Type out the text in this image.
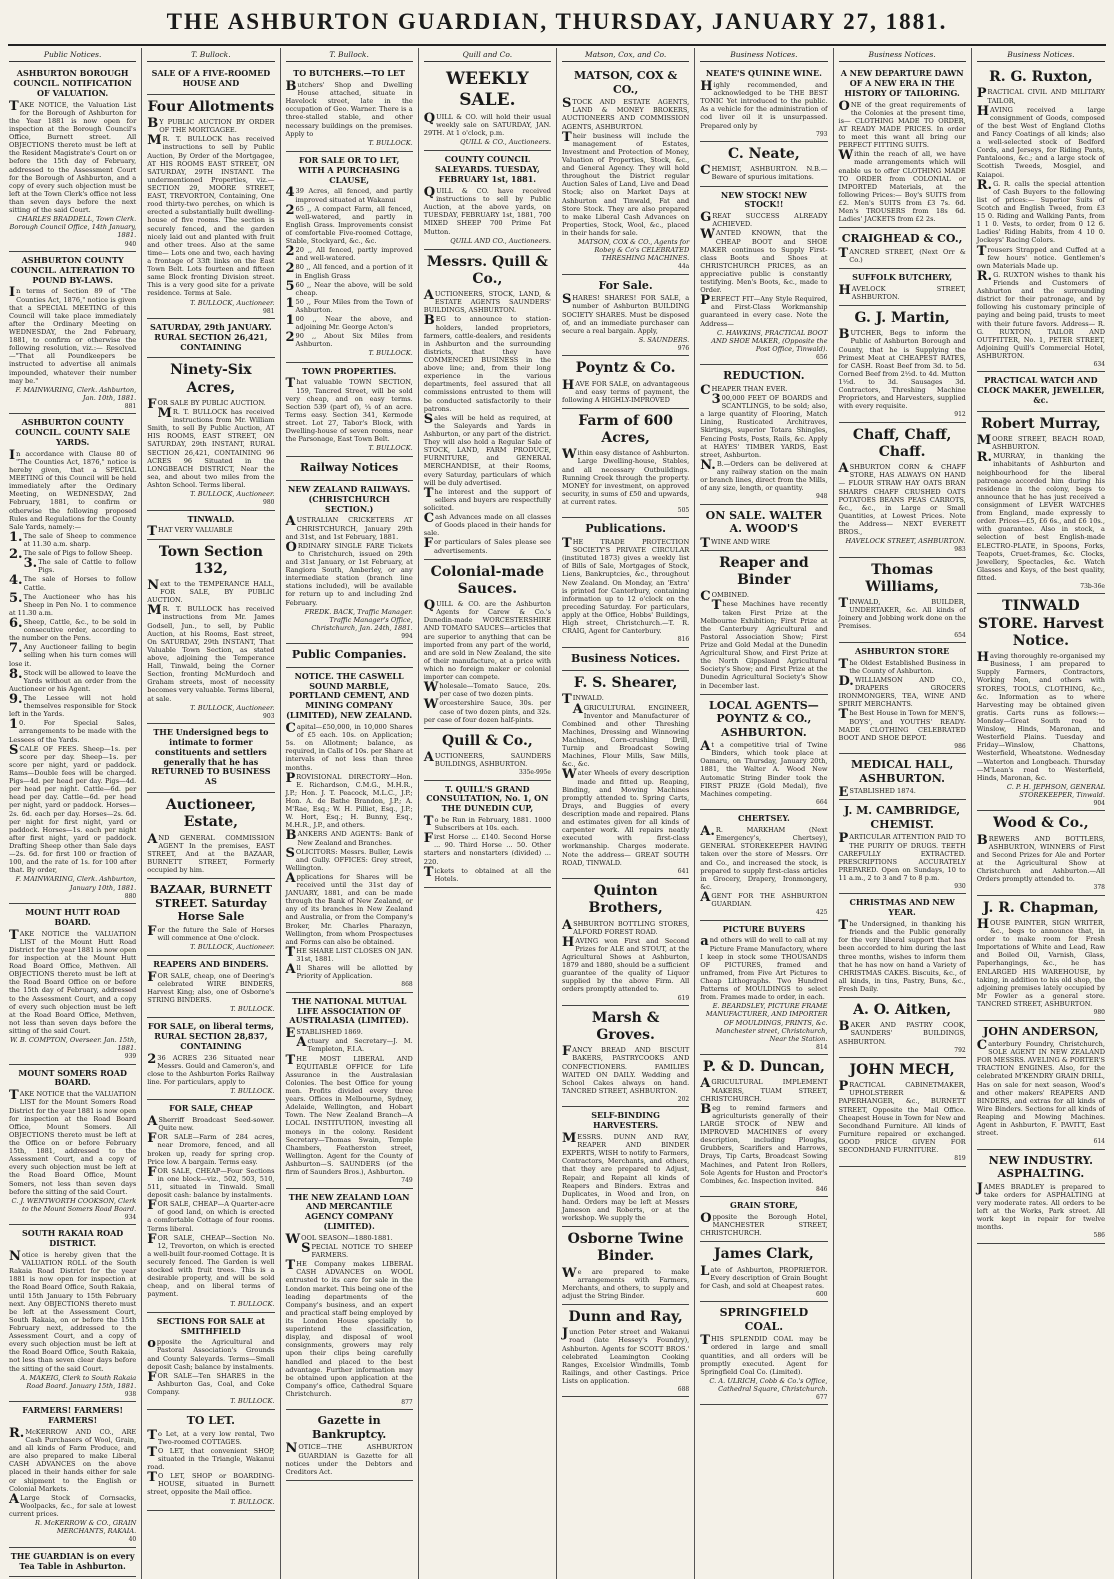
THE ASHBURTON GUARDIAN, THURSDAY, JANUARY 27, 1881.
Public Notices.
ASHBURTON BOROUGH COUNCIL. NOTIFICATION OF VALUATION.
TAKE NOTICE, the Valuation List for the Borough of Ashburton for the Year 1881 is now open for inspection at the Borough Council's Office, Burnett street. All OBJECTIONS thereto must be left at the Resident Magistrate's Court on or before the 15th day of February, addressed to the Assessment Court for the Borough of Ashburton, and a copy of every such objection must be left at the Town Clerk's office not less than seven days before the next sitting of the said Court.
CHARLES BRADDELL, Town Clerk. Borough Council Office, 14th January, 1881.
940
ASHBURTON COUNTY COUNCIL. ALTERATION TO POUND BY-LAWS.
In terms of Section 89 of "The Counties Act, 1876," notice is given that a SPECIAL MEETING of this Council will take place immediately after the Ordinary Meeting on WEDNESDAY, the 2nd February, 1881, to confirm or otherwise the following resolution, viz.:— Resolved—"That all Poundkeepers be instructed to advertise all animals impounded, whatever their number may be."
F. MAINWARING, Clerk. Ashburton, Jan. 10th, 1881.
881
ASHBURTON COUNTY COUNCIL. COUNTY SALE YARDS.
In accordance with Clause 80 of "The Counties Act, 1876," notice is hereby given, that a SPECIAL MEETING of this Council will be held immediately after the Ordinary Meeting, on WEDNESDAY, 2nd February, 1881, to confirm or otherwise the following proposed Rules and Regulations for the County Sale Yards, namely:—
1.The sale of Sheep to commence at 11.30 a.m. sharp.
2.The sale of Pigs to follow Sheep.
3.The sale of Cattle to follow Pigs.
4.The sale of Horses to follow Cattle.
5.The Auctioneer who has his Sheep in Pen No. 1 to commence at 11.30 a.m.
6.Sheep, Cattle, &c., to be sold in consecutive order, according to the number on the Pens.
7.Any Auctioneer failing to begin selling when his turn comes will lose it.
8.Stock will be allowed to leave the Yards without an order from the Auctioneer or his Agent.
9.The Lessee will not hold themselves responsible for Stock left in the Yards.
10. For Special Sales, arrangements to be made with the Lessees of the Yards.
SCALE OF FEES. Sheep—1s. per score per day. Sheep—1s. per score per night, yard or paddock. Rams—Double fees will be charged. Pigs—4d. per head per day. Pigs—4d. per head per night. Cattle—6d. per head per day. Cattle—6d. per head per night, yard or paddock. Horses—2s. 6d. each per day. Horses—2s. 6d. per night for first night, yard or paddock. Horses—1s. each per night after first night, yard or paddock. Drafting Sheep other than Sale days—2s. 6d. for first 100 or fraction of 100, and the rate of 1s. for 100 after that. By order,
F. MAINWARING, Clerk. Ashburton, January 10th, 1881.
880
MOUNT HUTT ROAD BOARD.
TAKE NOTICE the VALUATION LIST of the Mount Hutt Road District for the year 1881 is now open for inspection at the Mount Hutt Road Board Office, Methven. All OBJECTIONS thereto must be left at the Road Board Office on or before the 15th day of February, addressed to the Assessment Court, and a copy of every such objection must be left at the Road Board Office, Methven, not less than seven days before the sitting of the said Court.
W. B. COMPTON, Overseer. Jan. 15th, 1881.
939
MOUNT SOMERS ROAD BOARD.
TAKE NOTICE that the VALUATION LIST for the Mount Somers Road District for the year 1881 is now open for inspection at the Road Board Office, Mount Somers. All OBJECTIONS thereto must be left at the Office on or before February 15th, 1881, addressed to the Assessment Court, and a copy of every such objection must be left at the Road Board Office, Mount Somers, not less than seven days before the sitting of the said Court.
C. J. WENTWORTH COOKSON, Clerk to the Mount Somers Road Board.
934
SOUTH RAKAIA ROAD DISTRICT.
Notice is hereby given that the VALUATION ROLL of the South Rakaia Road District for the year 1881 is now open for inspection at the Road Board Office, South Rakaia, until 15th January to 15th February next. Any OBJECTIONS thereto must be left at the Assessment Court, South Rakaia, on or before the 15th February next, addressed to the Assessment Court, and a copy of every such objection must be left at the Road Board Office, South Rakaia, not less than seven clear days before the sitting of the said Court.
A. MAKEIG, Clerk to South Rakaia Road Board. January 15th, 1881.
938
FARMERS! FARMERS! FARMERS!
R.McKERROW AND CO., ARE Cash Purchasers of Wool, Grain, and all kinds of Farm Produce, and are also prepared to make Liberal CASH ADVANCES on the above placed in their hands either for sale or shipment to the English or Colonial Markets.
ALarge Stock of Cornsacks, Woolpacks, &c., for sale at lowest current prices.
R. McKERROW & CO., GRAIN MERCHANTS, RAKAIA.
40
THE GUARDIAN is on every Tea Table in Ashburton.
T. Bullock.
SALE OF A FIVE-ROOMED HOUSE AND
Four Allotments
BY PUBLIC AUCTION BY ORDER OF THE MORTGAGEE.
MR. T. BULLOCK has received instructions to sell by Public Auction, By Order of the Mortgagee, AT HIS ROOMS EAST STREET, ON SATURDAY, 29TH INSTANT. The undermentioned Properties, viz.— SECTION 29, MOORE STREET, EAST, TREVORTON, Containing, One rood thirty-two perches, on which is erected a substantially built dwelling-house of five rooms. The section is securely fenced, and the garden nicely laid out and planted with fruit and other trees. Also at the same time— Lots one and two, each having a frontage of 33ft links on the East Town Belt. Lots fourteen and fifteen same Block fronting Division street. This is a very good site for a private residence. Terms at Sale.
T. BULLOCK, Auctioneer.
981
SATURDAY, 29th JANUARY. RURAL SECTION 26,421, CONTAINING
Ninety-Six Acres,
FOR SALE BY PUBLIC AUCTION.
MR. T. BULLOCK has received instructions from Mr. William Smith, to sell By Public Auction, AT HIS ROOMS, EAST STREET, ON SATURDAY, 29th INSTANT, RURAL SECTION 26,421, CONTAINING 96 ACRES 96 Situated in the LONGBEACH DISTRICT, Near the sea, and about two miles from the Ashton School. Terms liberal.
T. BULLOCK, Auctioneer.
980
TINWALD.
THAT VERY VALUABLE
Town Section 132,
Next to the TEMPERANCE HALL, FOR SALE, BY PUBLIC AUCTION.
MR. T. BULLOCK has received instructions from Mr. James Godsell, Jun., to sell, by Public Auction, at his Rooms, East street, On SATURDAY, 29th INSTANT, That Valuable Town Section, as stated above, adjoining the Temperance Hall, Tinwald, being the Corner Section, fronting McMurdoch and Graham streets, most of necessity becomes very valuable. Terms liberal, at sale.
T. BULLOCK, Auctioneer.
903
THE Undersigned begs to intimate to former constituents and settlers generally that he has RETURNED TO BUSINESS AS
Auctioneer, Estate,
AND GENERAL COMMISSION AGENT In the premises, EAST STREET, And at the BAZAAR, BURNETT STREET, Formerly occupied by him.
BAZAAR, BURNETT STREET. Saturday Horse Sale
For the future the Sale of Horses will commence at One o'clock.
T. BULLOCK, Auctioneer.
REAPERS AND BINDERS.
FOR SALE, cheap, one of Deering's celebrated WIRE BINDERS, Harvest King; also, one of Osborne's STRING BINDERS.
T. BULLOCK.
FOR SALE, on liberal terms, RURAL SECTION 28,837, CONTAINING
236 ACRES 236 Situated near Messrs. Gould and Cameron's, and close to the Ashburton Forks Railway line. For particulars, apply to
T. BULLOCK.
FOR SALE, CHEAP
ASherriff Broadcast Seed-sower. Quite new.
FOR SALE—Farm of 284 acres, near Dromore, fenced, and all broken up, ready for spring crop. Price low. A bargain. Terms easy.
FOR SALE, CHEAP—Four Sections in one block—viz., 502, 503, 510, 511, situated in Tinwald. Small deposit cash: balance by instalments.
FOR SALE, CHEAP—A Quarter-acre of good land, on which is erected a comfortable Cottage of four rooms. Terms liberal.
FOR SALE, CHEAP—Section No. 12, Trevorton, on which is erected a well-built four-roomed Cottage. It is securely fenced. The Garden is well stocked with fruit trees. This is a desirable property, and will be sold cheap, and on liberal terms of payment.
T. BULLOCK.
SECTIONS FOR SALE at SMITHFIELD
opposite the Agricultural and Pastoral Association's Grounds and County Saleyards. Terms—Small deposit Cash; balance by instalments.
FOR SALE—Ten SHARES in the Ashburton Gas, Coal, and Coke Company.
T. BULLOCK.
TO LET.
To Let, at a very low rental, Two Two-roomed COTTAGES.
TO LET, that convenient SHOP, situated in the Triangle, Wakanui road.
TO LET, SHOP or BOARDING-HOUSE, situated in Burnett street, opposite the Mail office.
T. BULLOCK.
T. Bullock.
TO BUTCHERS.—TO LET
Butchers' Shop and Dwelling House attached, situate in Havelock street, late in the occupation of Geo. Warner. There is a three-stalled stable, and other necessary buildings on the premises. Apply to
T. BULLOCK.
FOR SALE OR TO LET, WITH A PURCHASING CLAUSE,
439 Acres, all fenced, and partly improved situated at Wakanui
265 ,, A compact Farm, all fenced, well-watered, and partly in English Grass. Improvements consist of comfortable Five-roomed Cottage, Stable, Stockyard, &c., &c.
220 ,, All fenced, partly improved and well-watered.
280 ,, All fenced, and a portion of it in English Grass
560 ,, Near the above, will be sold cheap.
150 ,, Four Miles from the Town of Ashburton.
100 ,, Near the above, and adjoining Mr. George Acton's
290 ,, About Six Miles from Ashburton.
T. BULLOCK.
TOWN PROPERTIES.
That valuable TOWN SECTION, 159, Tancred Street, will be sold very cheap, and on easy terms. Section 539 (part of), ¼ of an acre. Terms easy. Section 341, Kermode street. Lot 27, Tabor's Block, with Dwelling-house of seven rooms, near the Parsonage, East Town Belt.
T. BULLOCK.
Railway Notices
NEW ZEALAND RAILWAYS. (CHRISTCHURCH SECTION.)
AUSTRALIAN CRICKETERS AT CHRISTCHURCH, January 29th and 31st, and 1st February, 1881.
ORDINARY SINGLE FARE Tickets to Christchurch, issued on 29th and 31st January, or 1st February, at Rangiora South, Amberley, or any intermediate station (branch line stations included), will be available for return up to and including 2nd February.
FREDK. BACK, Traffic Manager. Traffic Manager's Office, Christchurch, Jan. 24th, 1881.
994
Public Companies.
NOTICE. THE CASWELL SOUND MARBLE, PORTLAND CEMENT, AND MINING COMPANY (LIMITED), NEW ZEALAND.
Capital—£50,000, in 10,000 Shares of £5 each. 10s. on Application; 5s. on Allotment; balance, as required, in Calls of 10s. per Share at intervals of not less than three months.
PROVISIONAL DIRECTORY—Hon. E. Richardson, C.M.G., M.H.R., J.P.; Hon. J. T. Peacock, M.L.C., J.P.; Hon. A. de Bathe Brandon, J.P.; A. M'Rae, Esq.; W. H. Pilliet, Esq., J.P.; W. Hort, Esq.; H. Bunny, Esq., M.H.R., J.P., and others.
BANKERS AND AGENTS: Bank of New Zealand and Branches.
SOLICITORS: Messrs. Buller, Lewis and Gully. OFFICES: Grey street, Wellington.
Applications for Shares will be received until the 31st day of JANUARY, 1881, and can be made through the Bank of New Zealand, or any of its branches in New Zealand and Australia, or from the Company's Broker, Mr. Charles Pharazyn, Wellington, from whom Prospectuses and Forms can also be obtained.
THE SHARE LIST CLOSES ON JAN. 31st, 1881.
All Shares will be allotted by Priority of Application.
868
THE NATIONAL MUTUAL LIFE ASSOCIATION OF AUSTRALASIA (LIMITED).
ESTABLISHED 1869.
Actuary and Secretary—J. M. Templeton, F.I.A.
THE MOST LIBERAL AND EQUITABLE OFFICE for Life Assurance in the Australasian Colonies. The best Office for young men. Profits divided every three years. Offices in Melbourne, Sydney, Adelaide, Wellington, and Hobart Town. The New Zealand Branch—A LOCAL INSTITUTION, investing all moneys in the colony. Resident Secretary—Thomas Swain, Temple Chambers, Featherston street, Wellington. Agent for the County of Ashburton—S. SAUNDERS (of the firm of Saunders Bros.), Ashburton.
749
THE NEW ZEALAND LOAN AND MERCANTILE AGENCY COMPANY (LIMITED).
WOOL SEASON—1880-1881.
SPECIAL NOTICE TO SHEEP FARMERS.
THE Company makes LIBERAL CASH ADVANCES on WOOL entrusted to its care for sale in the London market. This being one of the leading departments of the Company's business, and an expert and practical staff being employed by its London House specially to superintend the classification, display, and disposal of wool consignments, growers may rely upon their clips being carefully handled and placed to the best advantage. Further information may be obtained upon application at the Company's office, Cathedral Square Christchurch.
877
Gazette in Bankruptcy.
NOTICE—THE ASHBURTON GUARDIAN is Gazette for all notices under the Debtors and Creditors Act.
Quill and Co.
WEEKLY SALE.
QUILL & CO. will hold their usual weekly sale on SATURDAY, JAN. 29TH. At 1 o'clock, p.m.
QUILL & CO., Auctioneers.
COUNTY COUNCIL SALEYARDS. TUESDAY, FEBRUARY 1st, 1881.
QUILL & CO. have received instructions to sell by Public Auction, at the above yards, on TUESDAY, FEBRUARY 1st, 1881, 700 MIXED SHEEP 700 Prime Fat Mutton.
QUILL AND CO., Auctioneers.
Messrs. Quill & Co.,
AUCTIONEERS, STOCK, LAND, & ESTATE AGENTS SAUNDERS' BUILDINGS, ASHBURTON.
BEG to announce to station-holders, landed proprietors, farmers, cattle-dealers, and residents in Ashburton and the surrounding districts, that they have COMMENCED BUSINESS in the above line; and, from their long experience in the various departments, feel assured that all commissions entrusted to them will be conducted satisfactorily to their patrons.
Sales will be held as required, at the Saleyards and Yards in Ashburton, or any part of the district. They will also hold a Regular Sale of STOCK, LAND, FARM PRODUCE, FURNITURE, and GENERAL MERCHANDISE, at their Rooms, every Saturday, particulars of which will be duly advertised.
The interest and the support of sellers and buyers are respectfully solicited.
Cash Advances made on all classes of Goods placed in their hands for sale.
For particulars of Sales please see advertisements.
Colonial-made Sauces.
QUILL & CO. are the Ashburton Agents for Carew & Co.'s Dunedin-made WORCESTERSHIRE AND TOMATO SAUCES—articles that are superior to anything that can be imported from any part of the world, and are sold in New Zealand, the site of their manufacture, at a price with which no foreign maker or colonial importer can compete.
Wholesale—Tomato Sauce, 20s. per case of two dozen pints.
Worcestershire Sauce, 30s. per case of two dozen pints, and 32s. per case of four dozen half-pints.
Quill & Co.,
AUCTIONEERS, SAUNDERS BUILDINGS, ASHBURTON.
335e-995e
T. QUILL'S GRAND CONSULTATION, No. 1, ON THE DUNEDIN CUP,
To be Run in February, 1881. 1000 Subscribers at 10s. each.
First Horse ... £140. Second Horse ... 90. Third Horse ... 50. Other starters and nonstarters (divided) ... 220.
Tickets to obtained at all the Hotels.
Matson, Cox, and Co.
MATSON, COX & CO.,
STOCK AND ESTATE AGENTS, LAND & MONEY BROKERS, AUCTIONEERS AND COMMISSION AGENTS, ASHBURTON.
Their business will include the management of Estates, Investment and Protection of Money, Valuation of Properties, Stock, &c., and General Agency. They will hold throughout the District regular Auction Sales of Land, Live and Dead Stock; also on Market Days at Ashburton and Tinwald, Fat and Store Stock. They are also prepared to make Liberal Cash Advances on Properties, Stock, Wool, &c., placed in their hands for sale.
MATSON, COX & CO., Agents for Robey & Co's CELEBRATED THRESHING MACHINES.
44a
For Sale.
SHARES! SHARES! FOR SALE, a number of Ashburton BUILDING SOCIETY SHARES. Must be disposed of, and an immediate purchaser can secure a real bargain. Apply,
S. SAUNDERS.
976
Poyntz & Co.
HAVE FOR SALE, on advantageous and easy terms of payment, the following A HIGHLY-IMPROVED
Farm of 600 Acres,
Within easy distance of Ashburton. Large Dwelling-house, Stables, and all necessary Outbuildings. Running Creek through the property. MONEY for investment, on approved security, in sums of £50 and upwards, at current rates.
505
Publications.
THE TRADE PROTECTION SOCIETY'S PRIVATE CIRCULAR (instituted 1873) gives a weekly list of Bills of Sale, Mortgages of Stock, Liens, Bankruptcies, &c., throughout New Zealand. On Monday, an 'Extra' is printed for Canterbury, containing information up to 12 o'clock on the preceding Saturday. For particulars, apply at the Office, Hobbs' Buildings, High street, Christchurch.—T. R. CRAIG, Agent for Canterbury.
816
Business Notices.
F. S. Shearer,
TINWALD.
AGRICULTURAL ENGINEER, Inventor and Manufacturer of Combined and other Threshing Machines, Dressing and Winnowing Machines, Corn-crushing Drill, Turnip and Broadcast Sowing Machines, Flour Mills, Saw Mills, &c., &c.
Water Wheels of every description made and fitted up. Reaping, Binding, and Mowing Machines promptly attended to. Spring Carts, Drays, and Buggies of every description made and repaired. Plans and estimates given for all kinds of carpenter work. All repairs neatly executed with first-class workmanship. Charges moderate. Note the address— GREAT SOUTH ROAD, TINWALD.
641
Quinton Brothers,
ASHBURTON BOTTLING STORES, ALFORD FOREST ROAD.
HAVING won First and Second Prizes for ALE and STOUT, at the Agricultural Shows at Ashburton, 1879 and 1880, should be a sufficient guarantee of the quality of Liquor supplied by the above Firm. All orders promptly attended to.
619
Marsh & Groves.
FANCY BREAD AND BISCUIT BAKERS, PASTRYCOOKS AND CONFECTIONERS. FAMILIES WAITED ON DAILY. Wedding and School Cakes always on hand. TANCRED STREET, ASHBURTON.
202
SELF-BINDING HARVESTERS.
MESSRS. DUNN AND RAY, REAPER AND BINDER EXPERTS, WISH to notify to Farmers, Contractors, Merchants, and others, that they are prepared to Adjust, Repair, and Repaint all kinds of Reapers and Binders. Extras and Duplicates, in Wood and Iron, on hand. Orders may be left at Messrs Jameson and Roberts, or at the workshop. We supply the
Osborne Twine Binder.
We are prepared to make arrangements with Farmers, Merchants, and others, to supply and adjust the String Binder.
Dunn and Ray,
Junction Peter street and Wakanui road (late Hessey's Foundry), Ashburton. Agents for SCOTT BROS.' celebrated Leamington Cooking Ranges, Excelsior Windmills, Tomb Railings, and other Castings. Price Lists on application.
688
Business Notices.
NEATE'S QUININE WINE.
Highly recommended, and acknowledged to be THE BEST TONIC Yet introduced to the public. As a vehicle for the administration of cod liver oil it is unsurpassed. Prepared only by
793
C. Neate,
CHEMIST, ASHBURTON. N.B.—Beware of spurious imitations.
NEW STOCK! NEW STOCK!!
GREAT SUCCESS ALREADY ACHIEVED.
WANTED KNOWN, that the CHEAP BOOT and SHOE MAKER continues to Supply First-class Boots and Shoes at CHRISTCHURCH PRICES, as an appreciative public is constantly testifying. Men's Boots, &c., made to Order.
PERFECT FIT—Any Style Required, and First-Class Workmanship guaranteed in every case. Note the Address—
C. HAWKINS, PRACTICAL BOOT AND SHOE MAKER, (Opposite the Post Office, Tinwald).
656
REDUCTION.
CHEAPER THAN EVER.
300,000 FEET OF BOARDS and SCANTLINGS, to be sold; also, a large quantity of Flooring, Match Lining, Rusticated Architraves, Skirtings, superior Totara Shingles, Fencing Posts, Posts, Rails, &c. Apply at HAYES' TIMBER YARDS, East street, Ashburton.
N.B.—Orders can be delivered at any railway station on the main or branch lines, direct from the Mills, of any size, length, or quantity.
948
ON SALE. WALTER A. WOOD'S
TWINE AND WIRE
Reaper and Binder
COMBINED.
These Machines have recently taken First Prize at the Melbourne Exhibition; First Prize at the Canterbury Agricultural and Pastoral Association Show; First Prize and Gold Medal at the Dunedin Agricultural Show, and First Prize at the North Gippsland Agricultural Society's Show; and First Prize at the Dunedin Agricultural Society's Show in December last.
LOCAL AGENTS— POYNTZ & CO., ASHBURTON.
At a competitive trial of Twine Binders, which took place at Oamaru, on Thursday, January 20th, 1881, the Walter A. Wood New Automatic String Binder took the FIRST PRIZE (Gold Medal), five Machines competing.
664
CHERTSEY.
A.R. MARKHAM (Next Emergency's, Chertsey), GENERAL STOREKEEPER HAVING taken over the store of Messrs. Orr and Co., and increased the stock, is prepared to supply first-class articles in Grocery, Drapery, Ironmongery, &c.
AGENT FOR THE ASHBURTON GUARDIAN.
425
PICTURE BUYERS
and others will do well to call at my Picture Frame Manufactory, where I keep in stock some THOUSANDS OF PICTURES, framed and unframed, from Five Art Pictures to Cheap Lithographs. Two Hundred Patterns of MOULDINGS to select from. Frames made to order, in each.
E. BEARDSLEY, PICTURE FRAME MANUFACTURER, AND IMPORTER OF MOULDINGS, PRINTS, &c. Manchester street, Christchurch, Near the Station.
814
P. & D. Duncan,
AGRICULTURAL IMPLEMENT MAKERS, TUAM STREET, CHRISTCHURCH.
Beg to remind farmers and agriculturists generally of their LARGE STOCK of NEW and IMPROVED MACHINES of every description, including Ploughs, Grubbers, Scarifiers and Harrows, Drays, Tip Carts, Broadcast Sowing Machines, and Patent Iron Rollers, Sole Agents for Huston and Proctor's Combines, &c. Inspection invited.
846
GRAIN STORE,
Opposite the Borough Hotel, MANCHESTER STREET, CHRISTCHURCH.
James Clark,
Late of Ashburton, PROPRIETOR. Every description of Grain Bought for Cash, and sold at Cheapest rates.
600
SPRINGFIELD COAL.
THIS SPLENDID COAL may be ordered in large and small quantities, and all orders will be promptly executed. Agent for Springfield Coal Co. (Limited).
C. A. ULRICH, Cobb & Co.'s Office, Cathedral Square, Christchurch.
677
Business Notices.
A NEW DEPARTURE DAWN OF A NEW ERA IN THE HISTORY OF TAILORING.
ONE of the great requirements of the Colonies at the present time, is— CLOTHING MADE TO ORDER, AT READY MADE PRICES. In order to meet this want all bring our PERFECT FITTING SUITS.
Within the reach of all, we have made arrangements which will enable us to offer CLOTHING MADE TO ORDER from COLONIAL or IMPORTED Materials, at the following Prices:— Boy's SUITS from £2. Men's SUITS from £3 7s. 6d. Men's TROUSERS from 18s 6d. Ladies' JACKETS from £2 2s.
CRAIGHEAD & CO.,
TANCRED STREET, (Next Orr & Co.)
SUFFOLK BUTCHERY,
HAVELOCK STREET, ASHBURTON.
G. J. Martin,
BUTCHER, Begs to inform the Public of Ashburton Borough and County, that he is Supplying the Primest Meat at CHEAPEST RATES, for CASH. Roast Beef from 3d. to 5d. Corned Beef from 2½d. to 4d. Mutton 1½d. to 3d. Sausages 3d. Contractors, Threshing Machine Proprietors, and Harvesters, supplied with every requisite.
912
Chaff, Chaff, Chaff.
ASHBURTON CORN & CHAFF STORE, HAS ALWAYS ON HAND— FLOUR STRAW HAY OATS BRAN SHARPS CHAFF CRUSHED OATS POTATOES BEANS PEAS CARROTS, &c., &c., in Large or Small Quantities, at Lowest Prices. Note the Address— NEXT EVERETT BROS.,
HAVELOCK STREET, ASHBURTON.
983
Thomas Williams,
TINWALD, BUILDER, UNDERTAKER, &c. All kinds of Joinery and Jobbing work done on the Premises.
654
ASHBURTON STORE
The Oldest Established Business in the County of Ashburton.
D.WILLIAMSON AND CO., DRAPERS GROCERS IRONMONGERS, TEA, WINE AND SPIRIT MERCHANTS.
The Best House in Town for MEN'S, BOYS', and YOUTHS' READY-MADE CLOTHING CELEBRATED BOOT AND SHOE DEPOT.
986
MEDICAL HALL, ASHBURTON.
ESTABLISHED 1874.
J. M. CAMBRIDGE, CHEMIST.
PARTICULAR ATTENTION PAID TO THE PURITY OF DRUGS. TEETH CAREFULLY EXTRACTED. PRESCRIPTIONS ACCURATELY PREPARED. Open on Sundays, 10 to 11 a.m., 2 to 3 and 7 to 8 p.m.
930
CHRISTMAS AND NEW YEAR.
The Undersigned, in thanking his friends and the Public generally for the very liberal support that has been accorded to him during the last three months, wishes to inform them that he has now on hand a Variety of CHRISTMAS CAKES. Biscuits, &c., of all kinds, in tins, Pastry, Buns, &c., Fresh Daily.
A. O. Aitken,
BAKER AND PASTRY COOK, SAUNDERS' BUILDINGS, ASHBURTON.
792
JOHN MECH,
PRACTICAL CABINETMAKER, UPHOLSTERER & PAPERHANGER, &c., BURNETT STREET, Opposite the Mail Office. Cheapest House in Town for New and Secondhand Furniture. All kinds of Furniture repaired or exchanged. GOOD PRICE GIVEN FOR SECONDHAND FURNITURE.
819
Business Notices.
R. G. Ruxton,
PRACTICAL CIVIL AND MILITARY TAILOR,
HAVING received a large consignment of Goods, composed of the best West of England Cloths and Fancy Coatings of all kinds; also a well-selected stock of Bedford Cords, and Jerseys, for Riding Pants, Pantaloons, &c.; and a large stock of Scottish Tweeds, Mosgiel, and Kaiapoi.
R.G. R. calls the special attention of Cash Buyers to the following list of prices:— Superior Suits of Scotch and English Tweed, from £3 15 0. Riding and Walking Pants, from 1 1 0. Vests, to order, from 0 12 6. Ladies' Riding Habits, from 4 10 0. Jockeys' Racing Colors.
Trousers Strapped and Cuffed at a few hours' notice. Gentlemen's own Materials Made up.
R.G. RUXTON wishes to thank his Friends and Customers of Ashburton and the surrounding district for their patronage, and by following his customary principle of paying and being paid, trusts to meet with their future favors. Address— R. G. RUXTON, TAILOR AND OUTFITTER, No. 1, PETER STREET, Adjoining Quill's Commercial Hotel, ASHBURTON.
634
PRACTICAL WATCH AND CLOCK MAKER, JEWELLER, &c.
Robert Murray,
MOORE STREET, BEACH ROAD, ASHBURTON.
R.MURRAY, in thanking the inhabitants of Ashburton and neighbourhood for the liberal patronage accorded him during his residence in the colony, begs to announce that he has just received a consignment of LEVER WATCHES from England, made expressly to order. Prices—£5, £6 6s., and £6 10s., with guarantee. Also in stock, a selection of best English-made ELECTRO-PLATE, in Spoons, Forks, Teapots, Cruet-frames, &c. Clocks, Jewellery, Spectacles, &c. Watch Glasses and Keys, of the best quality, fitted.
73b-36e
TINWALD STORE. Harvest Notice.
Having thoroughly re-organised my Business, I am prepared to Supply Farmers, Contractors, Working Men, and others with STORES, TOOLS, CLOTHING, &c., &c. Information as to where Harvesting may be obtained given gratis. Carts runs as follows:— Monday—Great South road to Winslow, Hinds, Maronan, and Westerfield Plains. Tuesday and Friday—Winslow, Chattons, Westerfield, Wheatstone. Wednesday—Waterton and Longbeach. Thursday—M'Lean's road to Westerfield, Hinds, Maronan, &c.
C. P. H. JEPHSON, GENERAL STOREKEEPER, Tinwald.
904
Wood & Co.,
BREWERS AND BOTTLERS, ASHBURTON, WINNERS of First and Second Prizes for Ale and Porter at the Agricultural Show at Christchurch and Ashburton.—All Orders promptly attended to.
378
J. R. Chapman,
HOUSE PAINTER, SIGN WRITER, &c., begs to announce that, in order to make room for Fresh Importations of White and Lead, Raw and Boiled Oil, Varnish, Glass, Paperhangings, &c., he has ENLARGED HIS WAREHOUSE, by taking, in addition to his old shop, the adjoining premises lately occupied by Mr Fowler as a general store. TANCRED STREET, ASHBURTON.
980
JOHN ANDERSON,
Canterbury Foundry, Christchurch, SOLE AGENT IN NEW ZEALAND FOR MESSRS. AVELING & PORTER'S TRACTION ENGINES. Also, for the celebrated M'KENDRY GRAIN DRILL, Has on sale for next season, Wood's and other makers' REAPERS AND BINDERS, and extras for all kinds of Wire Binders. Sections for all kinds of Reaping and Mowing Machines. Agent in Ashburton, F. PAVITT, East street.
614
NEW INDUSTRY. ASPHALTING.
JAMES BRADLEY is prepared to take orders for ASPHALTING at very moderate rates. All orders to be left at the Works, Park street. All work kept in repair for twelve months.
586
